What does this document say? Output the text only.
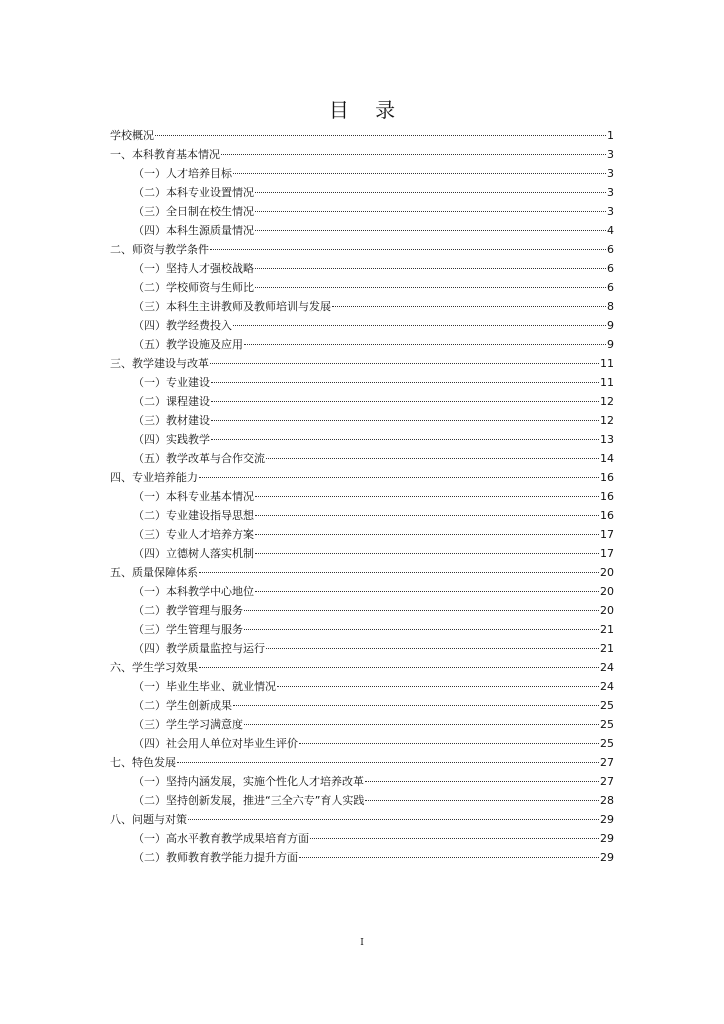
目 录
学校概况	1
一、本科教育基本情况	3
（一）人才培养目标	3
（二）本科专业设置情况	3
（三）全日制在校生情况	3
（四）本科生源质量情况	4
二、师资与教学条件	6
（一）坚持人才强校战略	6
（二）学校师资与生师比	6
（三）本科生主讲教师及教师培训与发展	8
（四）教学经费投入	9
（五）教学设施及应用	9
三、教学建设与改革	11
（一）专业建设	11
（二）课程建设	12
（三）教材建设	12
（四）实践教学	13
（五）教学改革与合作交流	14
四、专业培养能力	16
（一）本科专业基本情况	16
（二）专业建设指导思想	16
（三）专业人才培养方案	17
（四）立德树人落实机制	17
五、质量保障体系	20
（一）本科教学中心地位	20
（二）教学管理与服务	20
（三）学生管理与服务	21
（四）教学质量监控与运行	21
六、学生学习效果	24
（一）毕业生毕业、就业情况	24
（二）学生创新成果	25
（三）学生学习满意度	25
（四）社会用人单位对毕业生评价	25
七、特色发展	27
（一）坚持内涵发展，实施个性化人才培养改革	27
（二）坚持创新发展，推进“三全六专”育人实践	28
八、问题与对策	29
（一）高水平教育教学成果培育方面	29
（二）教师教育教学能力提升方面	29
I
